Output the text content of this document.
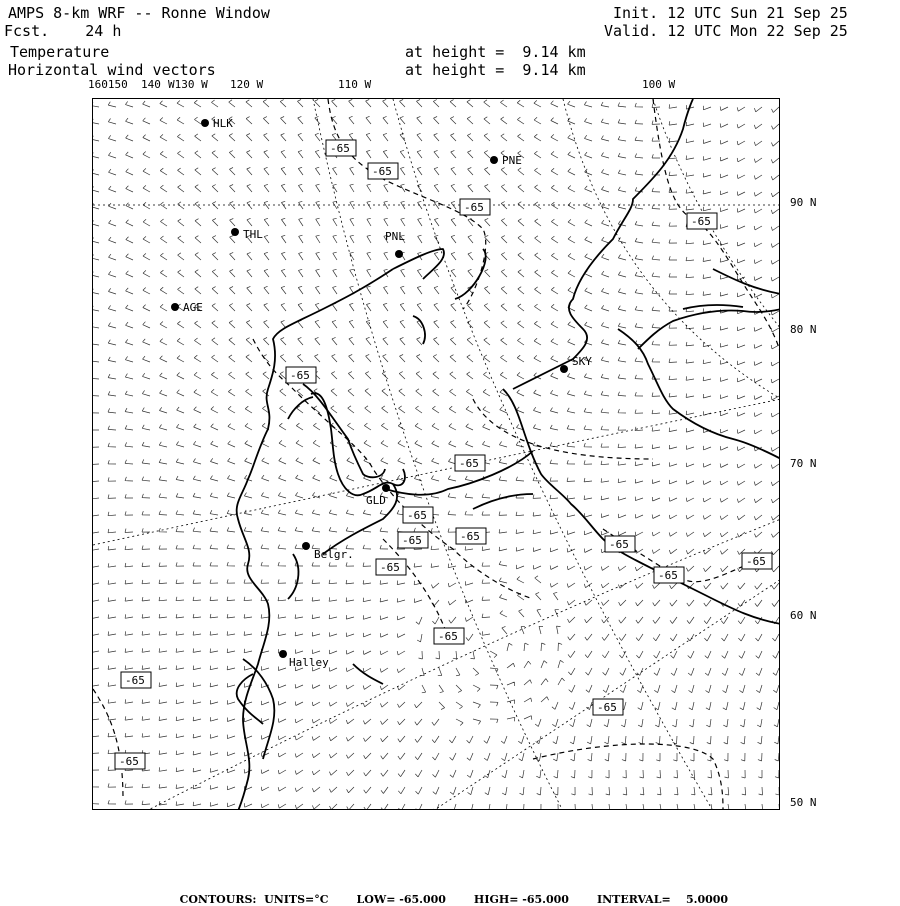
AMPS 8-km WRF -- Ronne Window
Fcst.    24 h
Temperature
Horizontal wind vectors
at height =  9.14 km
at height =  9.14 km
Init. 12 UTC Sun 21 Sep 25
Valid. 12 UTC Mon 22 Sep 25
160150 140 W130 W 120 W	110 W	100 W
90 N
80 N
70 N
60 N
50 N
HLK
PNE
THL	PNL
AGE
SKY
GLD
Belgr.
Halley
-65
-65
-65
-65
-65
-65
-65
-65	-65
-65
-65
-65
-65
-65
-65
-65
-65

CONTOURS:  UNITS=°C	LOW= -65.000	HIGH= -65.000	INTERVAL=    5.0000
